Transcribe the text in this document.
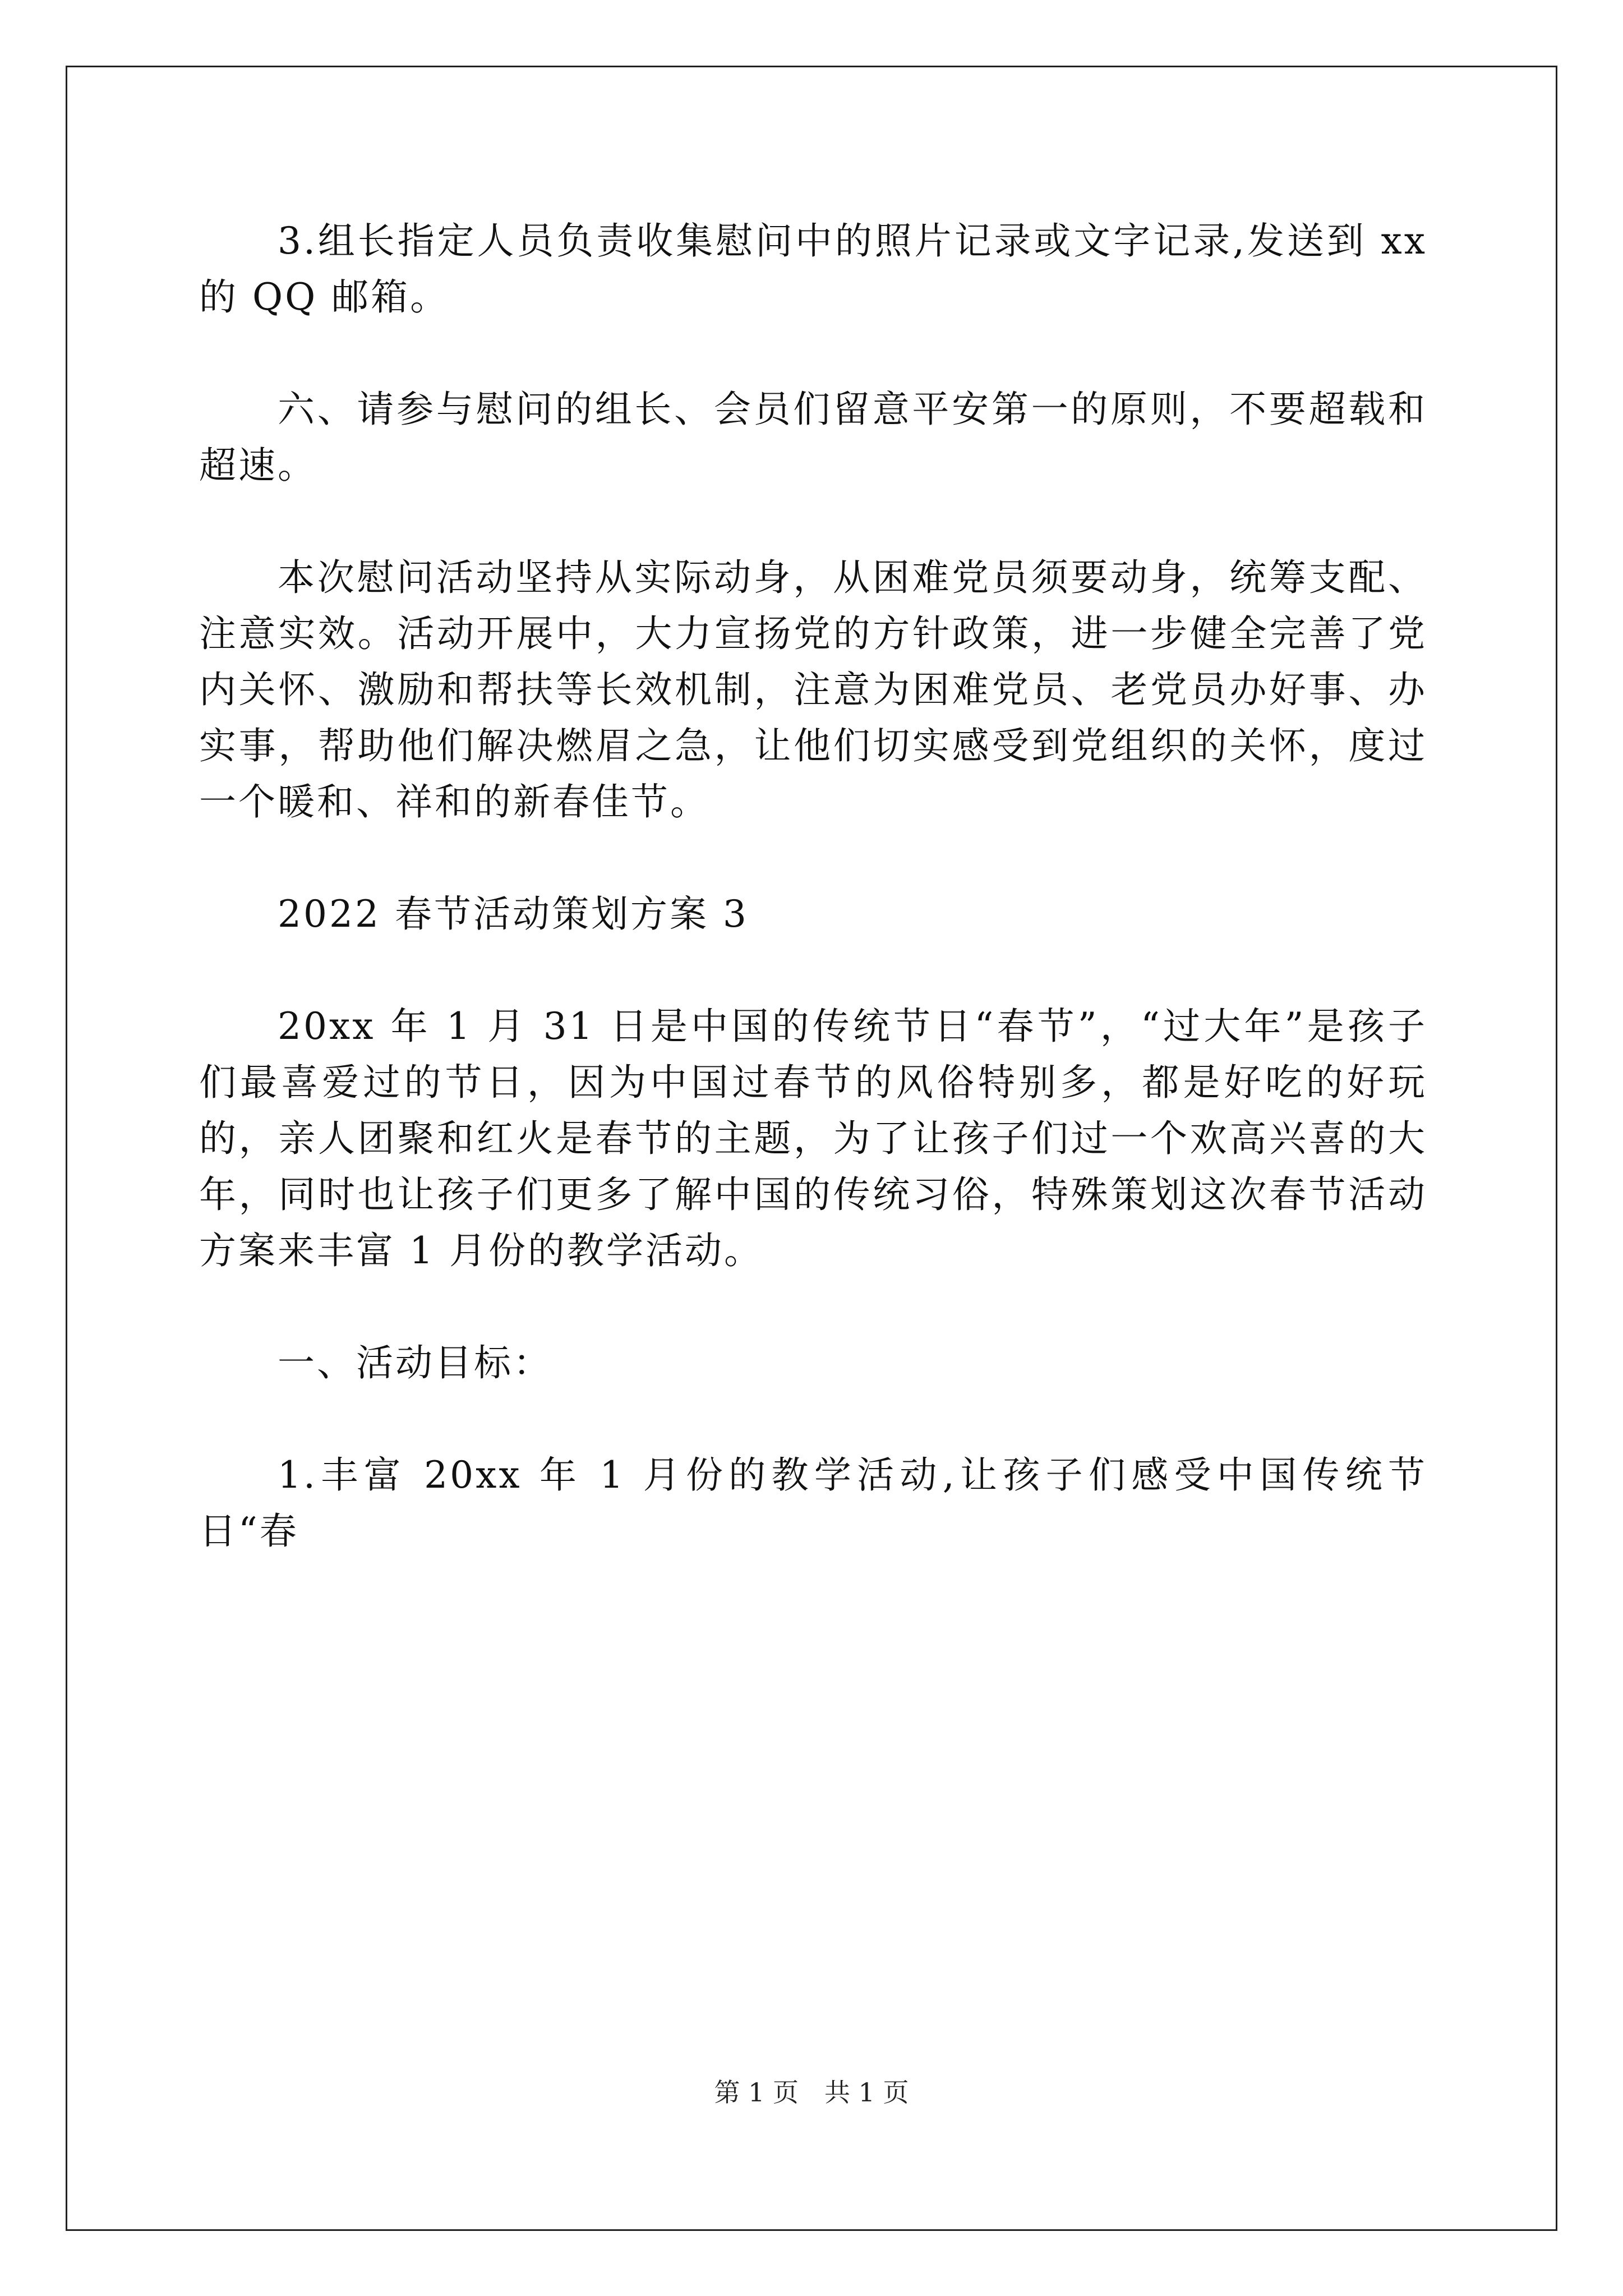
3.组长指定人员负责收集慰问中的照片记录或文字记录,发送到 xx 的 QQ 邮箱。

六、请参与慰问的组长、会员们留意平安第一的原则，不要超载和超速。

本次慰问活动坚持从实际动身，从困难党员须要动身，统筹支配、注意实效。活动开展中，大力宣扬党的方针政策，进一步健全完善了党内关怀、激励和帮扶等长效机制，注意为困难党员、老党员办好事、办实事，帮助他们解决燃眉之急，让他们切实感受到党组织的关怀，度过一个暖和、祥和的新春佳节。

2022 春节活动策划方案 3

20xx 年 1 月 31 日是中国的传统节日“春节”，“过大年”是孩子们最喜爱过的节日，因为中国过春节的风俗特别多，都是好吃的好玩的，亲人团聚和红火是春节的主题，为了让孩子们过一个欢高兴喜的大年，同时也让孩子们更多了解中国的传统习俗，特殊策划这次春节活动方案来丰富 1 月份的教学活动。

一、活动目标：

1.丰富 20xx 年 1 月份的教学活动,让孩子们感受中国传统节日“春

第 1 页　共 1 页
